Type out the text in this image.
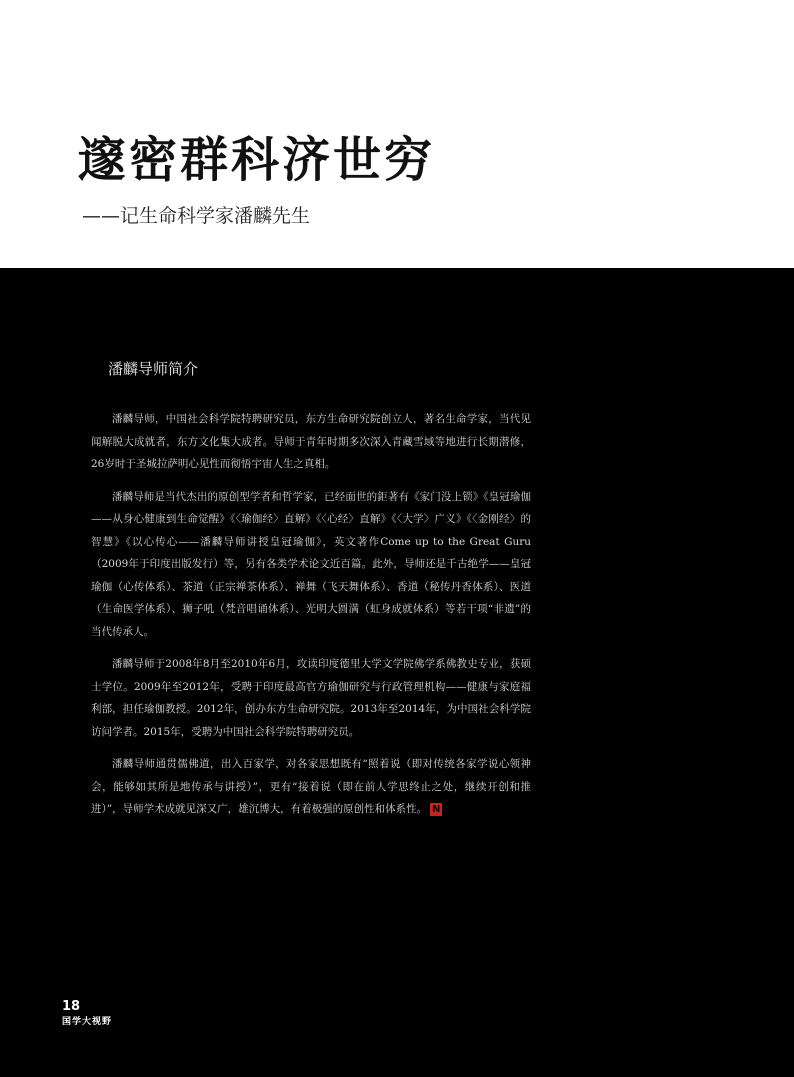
邃密群科济世穷
——记生命科学家潘麟先生
潘麟导师简介

潘麟导师，中国社会科学院特聘研究员，东方生命研究院创立人，著名生命学家，当代见闻解脱大成就者，东方文化集大成者。导师于青年时期多次深入青藏雪域等地进行长期潜修，26岁时于圣城拉萨明心见性而彻悟宇宙人生之真相。

潘麟导师是当代杰出的原创型学者和哲学家，已经面世的鉅著有《家门没上锁》《皇冠瑜伽——从身心健康到生命觉醒》《〈瑜伽经〉直解》《〈心经〉直解》《〈大学〉广义》《〈金刚经〉的智慧》《以心传心——潘麟导师讲授皇冠瑜伽》，英文著作Come up to the Great Guru（2009年于印度出版发行）等，另有各类学术论文近百篇。此外，导师还是千古绝学——皇冠瑜伽（心传体系）、茶道（正宗禅茶体系）、禅舞（飞天舞体系）、香道（秘传丹香体系）、医道（生命医学体系）、狮子吼（梵音唱诵体系）、光明大圆满（虹身成就体系）等若干项“非遗”的当代传承人。

潘麟导师于2008年8月至2010年6月，攻读印度德里大学文学院佛学系佛教史专业，获硕士学位。2009年至2012年，受聘于印度最高官方瑜伽研究与行政管理机构——健康与家庭福利部，担任瑜伽教授。2012年，创办东方生命研究院。2013年至2014年，为中国社会科学院访问学者。2015年，受聘为中国社会科学院特聘研究员。

潘麟导师通贯儒佛道，出入百家学，对各家思想既有“照着说（即对传统各家学说心领神会，能够如其所是地传承与讲授）”，更有“接着说（即在前人学思终止之处，继续开创和推进）”，导师学术成就见深又广，雄沉博大，有着极强的原创性和体系性。 N

18
国学大视野
